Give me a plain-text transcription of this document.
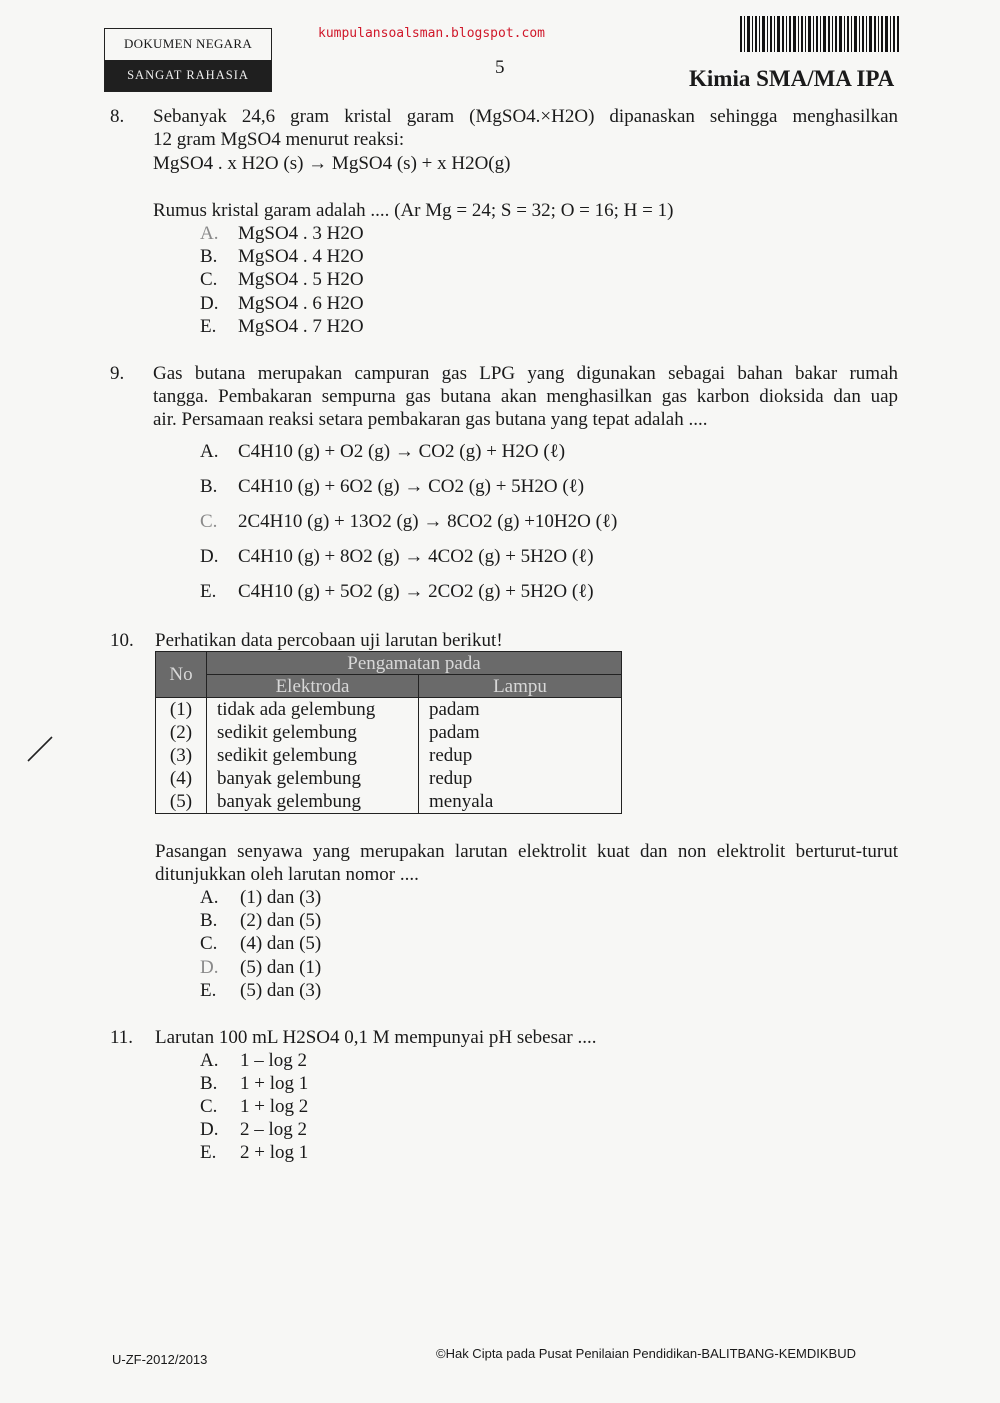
DOKUMEN NEGARA
SANGAT RAHASIA
kumpulansoalsman.blogspot.com
5	Kimia SMA/MA IPA
8. Sebanyak 24,6 gram kristal garam (MgSO4.×H2O) dipanaskan sehingga menghasilkan
12 gram MgSO4 menurut reaksi:
MgSO4 . x H2O (s) → MgSO4 (s) + x H2O(g)
Rumus kristal garam adalah .... (Ar Mg = 24; S = 32; O = 16; H = 1)
A. MgSO4 . 3 H2O
B. MgSO4 . 4 H2O
C. MgSO4 . 5 H2O
D. MgSO4 . 6 H2O
E. MgSO4 . 7 H2O
9. Gas butana merupakan campuran gas LPG yang digunakan sebagai bahan bakar rumah
tangga. Pembakaran sempurna gas butana akan menghasilkan gas karbon dioksida dan uap
air. Persamaan reaksi setara pembakaran gas butana yang tepat adalah ....
A. C4H10 (g) + O2 (g) → CO2 (g) + H2O (ℓ)
B. C4H10 (g) + 6O2 (g) → CO2 (g) + 5H2O (ℓ)
C. 2C4H10 (g) + 13O2 (g) → 8CO2 (g) +10H2O (ℓ)
D. C4H10 (g) + 8O2 (g) → 4CO2 (g) + 5H2O (ℓ)
E. C4H10 (g) + 5O2 (g) → 2CO2 (g) + 5H2O (ℓ)
10. Perhatikan data percobaan uji larutan berikut!
No	Pengamatan pada	
	Elektroda	Lampu
(1)	tidak ada gelembung	padam
(2)	sedikit gelembung	padam
(3)	sedikit gelembung	redup
(4)	banyak gelembung	redup
(5)	banyak gelembung	menyala
Pasangan senyawa yang merupakan larutan elektrolit kuat dan non elektrolit berturut-turut
ditunjukkan oleh larutan nomor ....
A. (1) dan (3)
B. (2) dan (5)
C. (4) dan (5)
D. (5) dan (1)
E. (5) dan (3)
11. Larutan 100 mL H2SO4 0,1 M mempunyai pH sebesar ....
A. 1 – log 2
B. 1 + log 1
C. 1 + log 2
D. 2 – log 2
E. 2 + log 1
U-ZF-2012/2013	©Hak Cipta pada Pusat Penilaian Pendidikan-BALITBANG-KEMDIKBUD
